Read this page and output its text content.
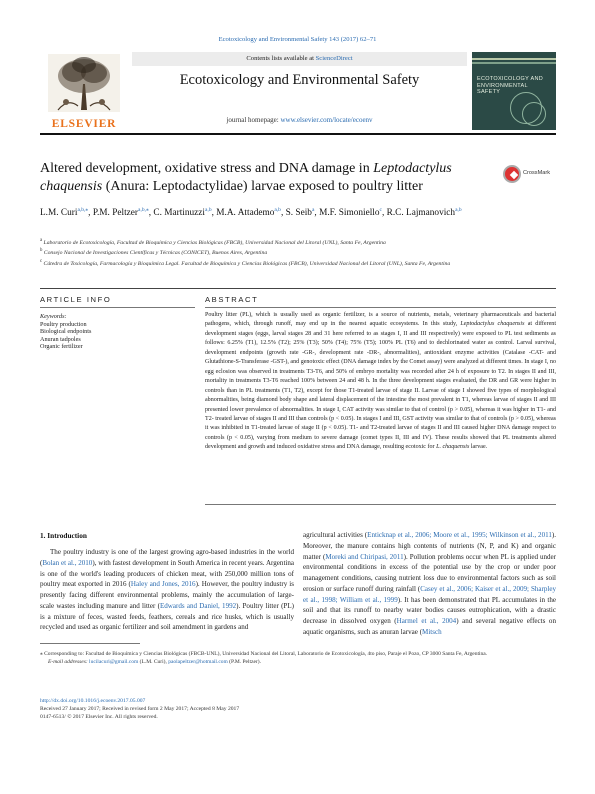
Ecotoxicology and Environmental Safety 143 (2017) 62–71
ELSEVIER
Contents lists available at ScienceDirect
Ecotoxicology and Environmental Safety
journal homepage: www.elsevier.com/locate/ecoenv
ECOTOXICOLOGY AND ENVIRONMENTAL SAFETY
Altered development, oxidative stress and DNA damage in Leptodactylus chaquensis (Anura: Leptodactylidae) larvae exposed to poultry litter
CrossMark
L.M. Curi$^{a,b,⁎}$, P.M. Peltzer$^{a,b,⁎}$, C. Martinuzzi$^{a,b}$, M.A. Attademo$^{a,b}$, S. Seib$^a$, M.F. Simoniello$^c$, R.C. Lajmanovich$^{a,b}$
$^a$ Laboratorio de Ecotoxicología, Facultad de Bioquímica y Ciencias Biológicas (FBCB), Universidad Nacional del Litoral (UNL), Santa Fe, Argentina
$^b$ Consejo Nacional de Investigaciones Científicas y Técnicas (CONICET), Buenos Aires, Argentina
$^c$ Cátedra de Toxicología, Farmacología y Bioquímica Legal. Facultad de Bioquímica y Ciencias Biológicas (FBCB), Universidad Nacional del Litoral (UNL), Santa Fe, Argentina
ARTICLE INFO	ABSTRACT
Keywords:
Poultry production
Biological endpoints
Anuran tadpoles
Organic fertilizer
Poultry litter (PL), which is usually used as organic fertilizer, is a source of nutrients, metals, veterinary pharmaceuticals and bacterial pathogens, which, through runoff, may end up in the nearest aquatic ecosystems. In this study, Leptodactylus chaquensis at different development stages (eggs, larval stages 28 and 31 here referred to as stages I, II and III respectively) were exposed to PL test sediments as follows: 6.25% (T1), 12.5% (T2); 25% (T3); 50% (T4); 75% (T5); 100% PL (T6) and to dechlorinated water as control. Larval survival, development endpoints (growth rate -GR-, development rate -DR-, abnormalities), antioxidant enzyme activities (Catalase -CAT- and Glutathione-S-Transferase -GST-), and genotoxic effect (DNA damage index by the Comet assay) were analyzed at different times. In stage I, no egg eclosion was observed in treatments T3-T6, and 50% of embryo mortality was recorded after 24 h of exposure to T2. In stages II and III, mortality in treatments T3-T6 reached 100% between 24 and 48 h. In the three development stages evaluated, the DR and GR were higher in controls than in PL treatments (T1, T2), except for those T1-treated larvae of stage II. Larvae of stage I showed five types of morphological abnormalities, being diamond body shape and lateral displacement of the intestine the most prevalent in T1, whereas larvae of stages II and III presented lower prevalence of abnormalities. In stage I, CAT activity was similar to that of control (p > 0.05), whereas it was higher in T1- and T2- treated larvae of stages II and III than controls (p < 0.05). In stages I and III, GST activity was similar to that of controls (p > 0.05), whereas it was inhibited in T1-treated larvae of stage II (p < 0.05). T1- and T2-treated larvae of stages II and III caused higher DNA damage respect to controls (p < 0.05), varying from medium to severe damage (comet types II, III and IV). These results showed that PL treatments altered development and growth and induced oxidative stress and DNA damage, resulting ecotoxic for L. chaquensis larvae.
1. Introduction
The poultry industry is one of the largest growing agro-based industries in the world (Bolan et al., 2010), with fastest development in South America in recent years. Argentina is one of the world's leading producers of chicken meat, with 250,000 million tons of poultry meat exported in 2016 (Haley and Jones, 2016). However, the poultry industry is presently facing different environmental problems, mainly the accumulation of large-scale wastes including manure and litter (Edwards and Daniel, 1992). Poultry litter (PL) is a mixture of feces, wasted feeds, feathers, cereals and rice husks, which is usually recycled and used as organic fertilizer and soil amendment in gardens and
agricultural activities (Enticknap et al., 2006; Moore et al., 1995; Wilkinson et al., 2011). Moreover, the manure contains high contents of nutrients (N, P, and K) and organic matter (Moreki and Chiripasi, 2011). Pollution problems occur when PL is applied under environmental conditions in excess of the potential use by the crop or under poor management conditions, causing nutrient loss due to environmental factors such as soil erosion or surface runoff during rainfall (Casey et al., 2006; Kaiser et al., 2009; Sharpley et al., 1998; William et al., 1999). It has been demonstrated that PL accumulates in the soil and that its runoff to nearby water bodies causes eutrophication, with a drastic decrease in dissolved oxygen (Harmel et al., 2004) and several negative effects on aquatic organisms, such as anuran larvae (Mitsch
⁎ Corresponding to: Facultad de Bioquímica y Ciencias Biológicas (FBCB-UNL), Universidad Nacional del Litoral, Laboratorio de Ecotoxicología, 4to piso, Paraje el Pozo, CP 3000 Santa Fe, Argentina.
E-mail addresses: lucilacuri@gmail.com (L.M. Curi), paolapeltzer@hotmail.com (P.M. Peltzer).
http://dx.doi.org/10.1016/j.ecoenv.2017.05.007
Received 27 January 2017; Received in revised form 2 May 2017; Accepted 8 May 2017
0147-6513/ © 2017 Elsevier Inc. All rights reserved.
